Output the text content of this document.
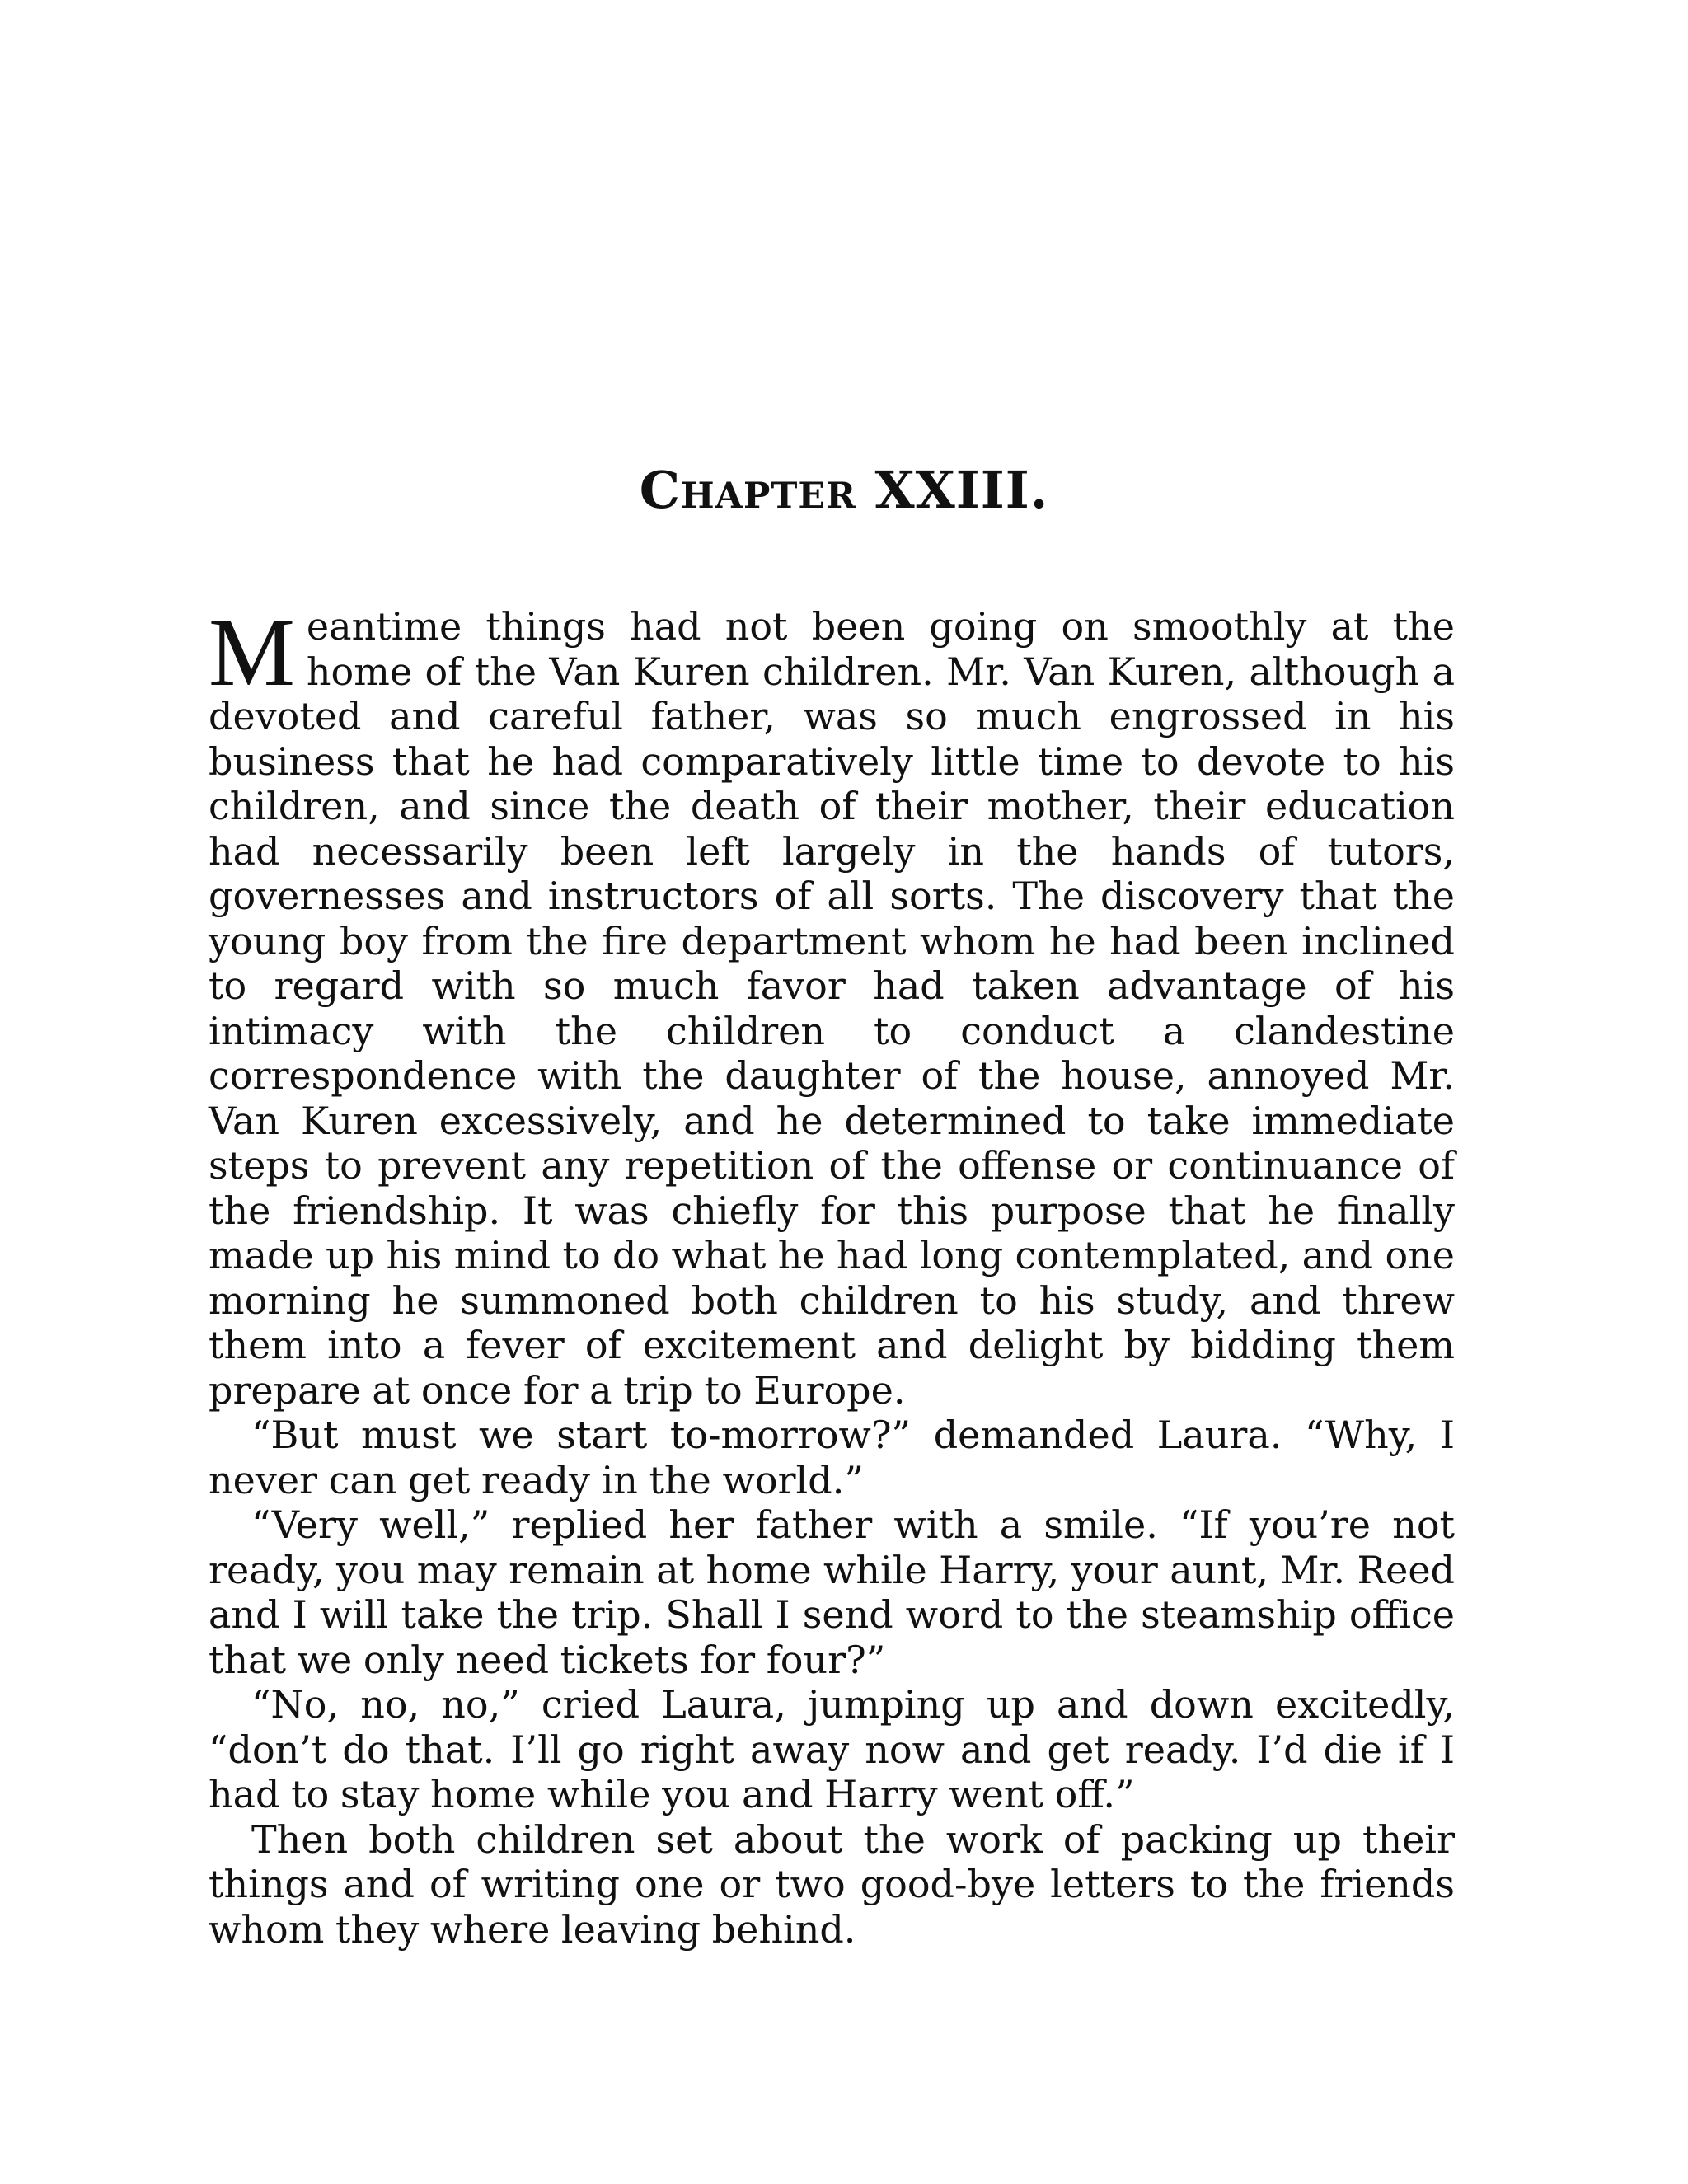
Chapter XXIII.

Meantime things had not been going on smoothly at the home of the Van Kuren children. Mr. Van Kuren, although a devoted and careful father, was so much engrossed in his business that he had comparatively little time to devote to his children, and since the death of their mother, their education had necessarily been left largely in the hands of tutors, governesses and instructors of all sorts. The discovery that the young boy from the fire department whom he had been inclined to regard with so much favor had taken advantage of his intimacy with the children to conduct a clandestine correspondence with the daughter of the house, annoyed Mr. Van Kuren excessively, and he determined to take immediate steps to prevent any repetition of the offense or continuance of the friendship. It was chiefly for this purpose that he finally made up his mind to do what he had long contemplated, and one morning he summoned both children to his study, and threw them into a fever of excitement and delight by bidding them prepare at once for a trip to Europe.

“But must we start to-morrow?” demanded Laura. “Why, I never can get ready in the world.”

“Very well,” replied her father with a smile. “If you’re not ready, you may remain at home while Harry, your aunt, Mr. Reed and I will take the trip. Shall I send word to the steamship office that we only need tickets for four?”

“No, no, no,” cried Laura, jumping up and down excitedly, “don’t do that. I’ll go right away now and get ready. I’d die if I had to stay home while you and Harry went off.”

Then both children set about the work of packing up their things and of writing one or two good-bye letters to the friends whom they where leaving behind.
